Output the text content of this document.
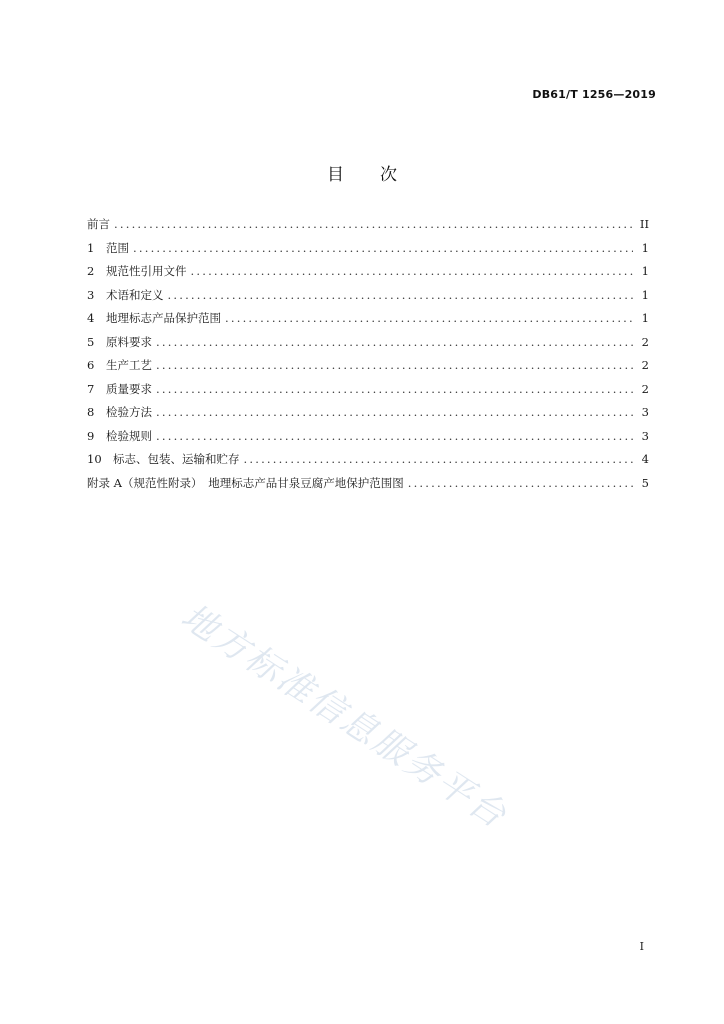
DB61/T 1256—2019
目 次
前言 .....	II
1	范围 .....	1
2	规范性引用文件 .....	1
3	术语和定义 .....	1
4	地理标志产品保护范围 .....	1
5	原料要求 .....	2
6	生产工艺 .....	2
7	质量要求 .....	2
8	检验方法 .....	3
9	检验规则 .....	3
10 标志、包装、运输和贮存 .....	4
附录 A（规范性附录）　地理标志产品甘泉豆腐产地保护范围图 .....	5
地方标准信息服务平台
I
